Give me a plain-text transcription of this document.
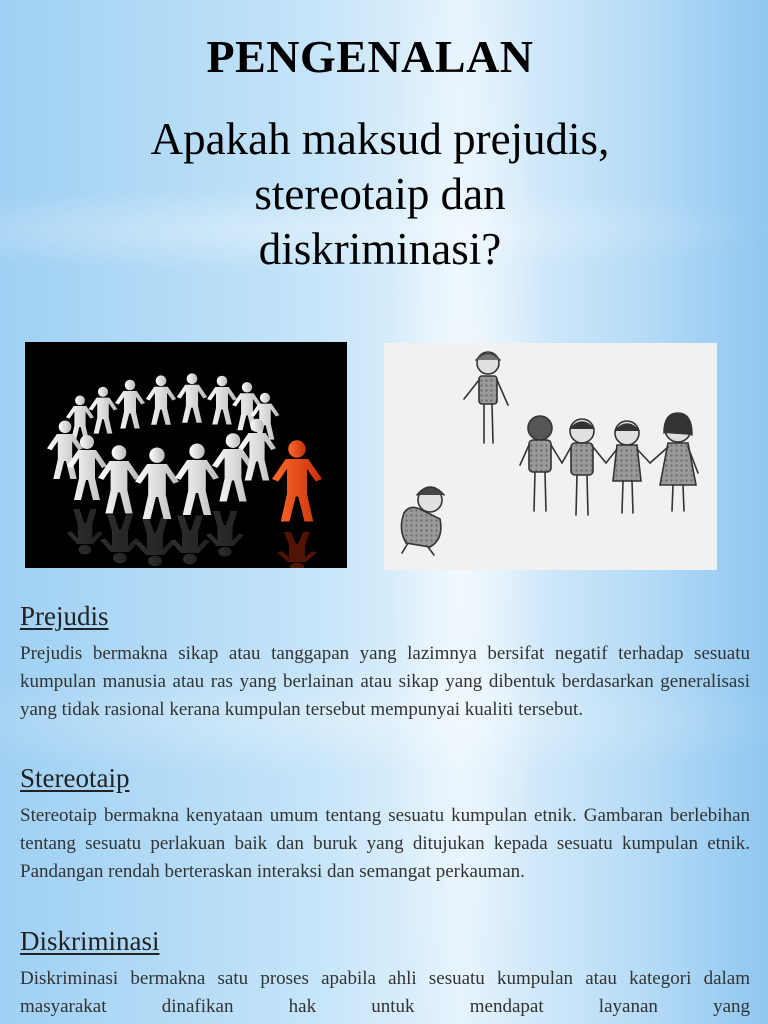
PENGENALAN
Apakah maksud prejudis,
stereotaip dan
diskriminasi?
Prejudis

Prejudis bermakna sikap atau tanggapan yang lazimnya bersifat negatif terhadap sesuatu kumpulan manusia atau ras yang berlainan atau sikap yang dibentuk berdasarkan generalisasi yang tidak rasional kerana kumpulan tersebut mempunyai kualiti tersebut.

Stereotaip

Stereotaip bermakna kenyataan umum tentang sesuatu kumpulan etnik. Gambaran berlebihan tentang sesuatu perlakuan baik dan buruk yang ditujukan kepada sesuatu kumpulan etnik. Pandangan rendah berteraskan interaksi dan semangat perkauman.

Diskriminasi

Diskriminasi bermakna satu proses apabila ahli sesuatu kumpulan atau kategori dalam masyarakat dinafikan hak untuk mendapat layanan yang
